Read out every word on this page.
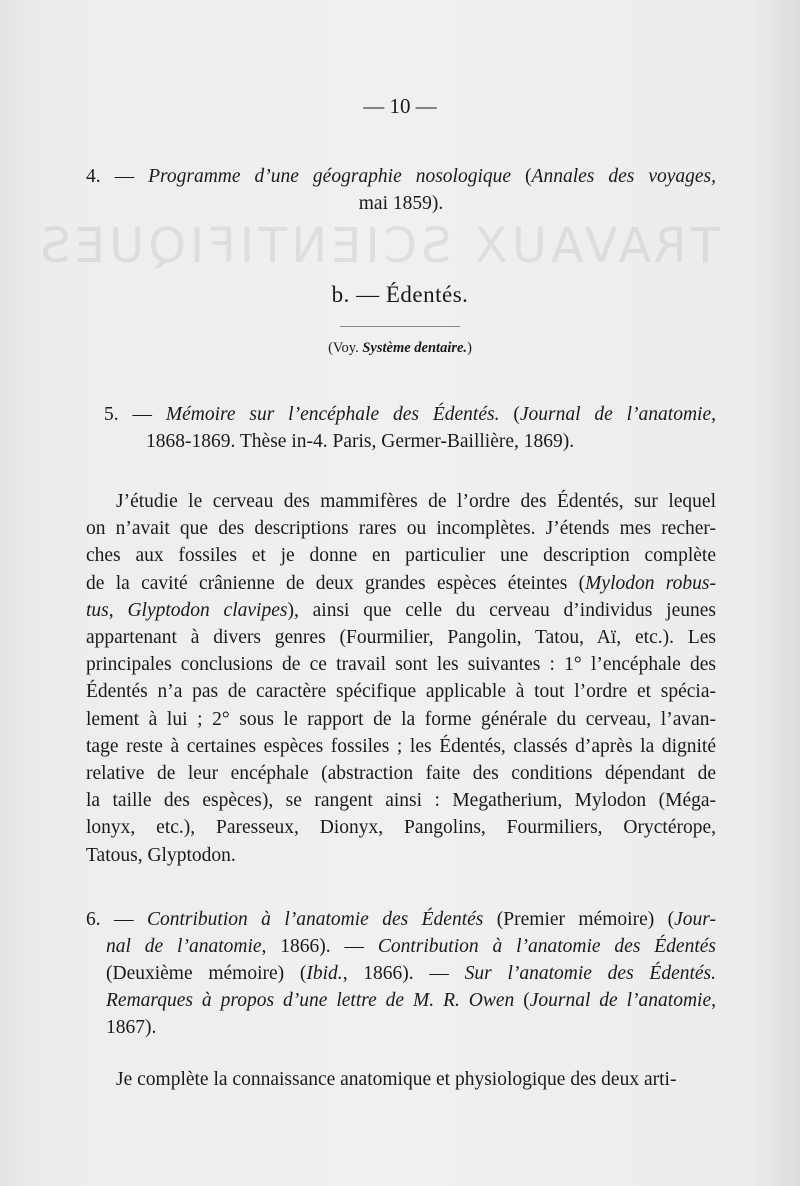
TRAVAUX SCIENTIFIQUES
— 10 —
4. — Programme d’une géographie nosologique (Annales des voyages,
mai 1859).
b. — Édentés.
(Voy. Système dentaire.)
5. — Mémoire sur l’encéphale des Édentés. (Journal de l’anatomie,
1868-1869. Thèse in-4. Paris, Germer-Baillière, 1869).
J’étudie le cerveau des mammifères de l’ordre des Édentés, sur lequel
on n’avait que des descriptions rares ou incomplètes. J’étends mes recher-
ches aux fossiles et je donne en particulier une description complète
de la cavité crânienne de deux grandes espèces éteintes (Mylodon robus-
tus, Glyptodon clavipes), ainsi que celle du cerveau d’individus jeunes
appartenant à divers genres (Fourmilier, Pangolin, Tatou, Aï, etc.). Les
principales conclusions de ce travail sont les suivantes : 1° l’encéphale des
Édentés n’a pas de caractère spécifique applicable à tout l’ordre et spécia-
lement à lui ; 2° sous le rapport de la forme générale du cerveau, l’avan-
tage reste à certaines espèces fossiles ; les Édentés, classés d’après la dignité
relative de leur encéphale (abstraction faite des conditions dépendant de
la taille des espèces), se rangent ainsi : Megatherium, Mylodon (Méga-
lonyx, etc.), Paresseux, Dionyx, Pangolins, Fourmiliers, Oryctérope,
Tatous, Glyptodon.
6. — Contribution à l’anatomie des Édentés (Premier mémoire) (Jour-
nal de l’anatomie, 1866). — Contribution à l’anatomie des Édentés
(Deuxième mémoire) (Ibid., 1866). — Sur l’anatomie des Édentés.
Remarques à propos d’une lettre de M. R. Owen (Journal de l’anatomie,
1867).
Je complète la connaissance anatomique et physiologique des deux arti-
